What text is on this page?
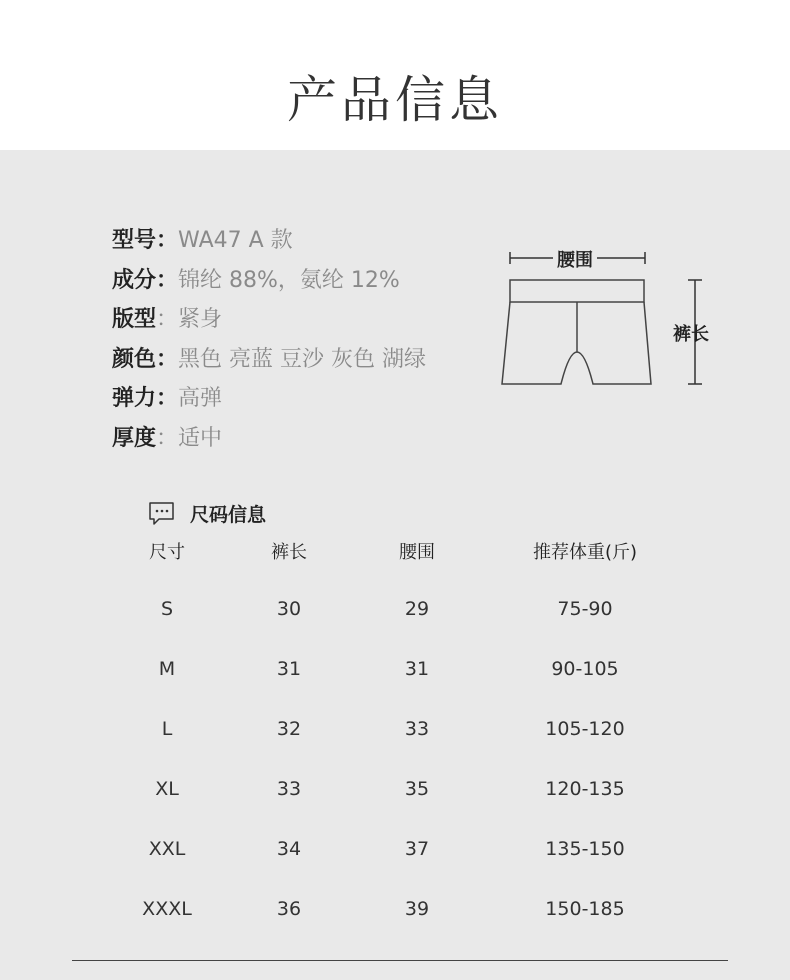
产品信息
型号：WA47 A 款
成分：锦纶 88%，氨纶 12%
版型：紧身
颜色：黑色 亮蓝 豆沙 灰色 湖绿
弹力：高弹
厚度：适中
腰围
裤长
尺码信息
尺寸	裤长	腰围	推荐体重(斤)
S	30	29	75-90
M	31	31	90-105
L	32	33	105-120
XL	33	35	120-135
XXL	34	37	135-150
XXXL	36	39	150-185
